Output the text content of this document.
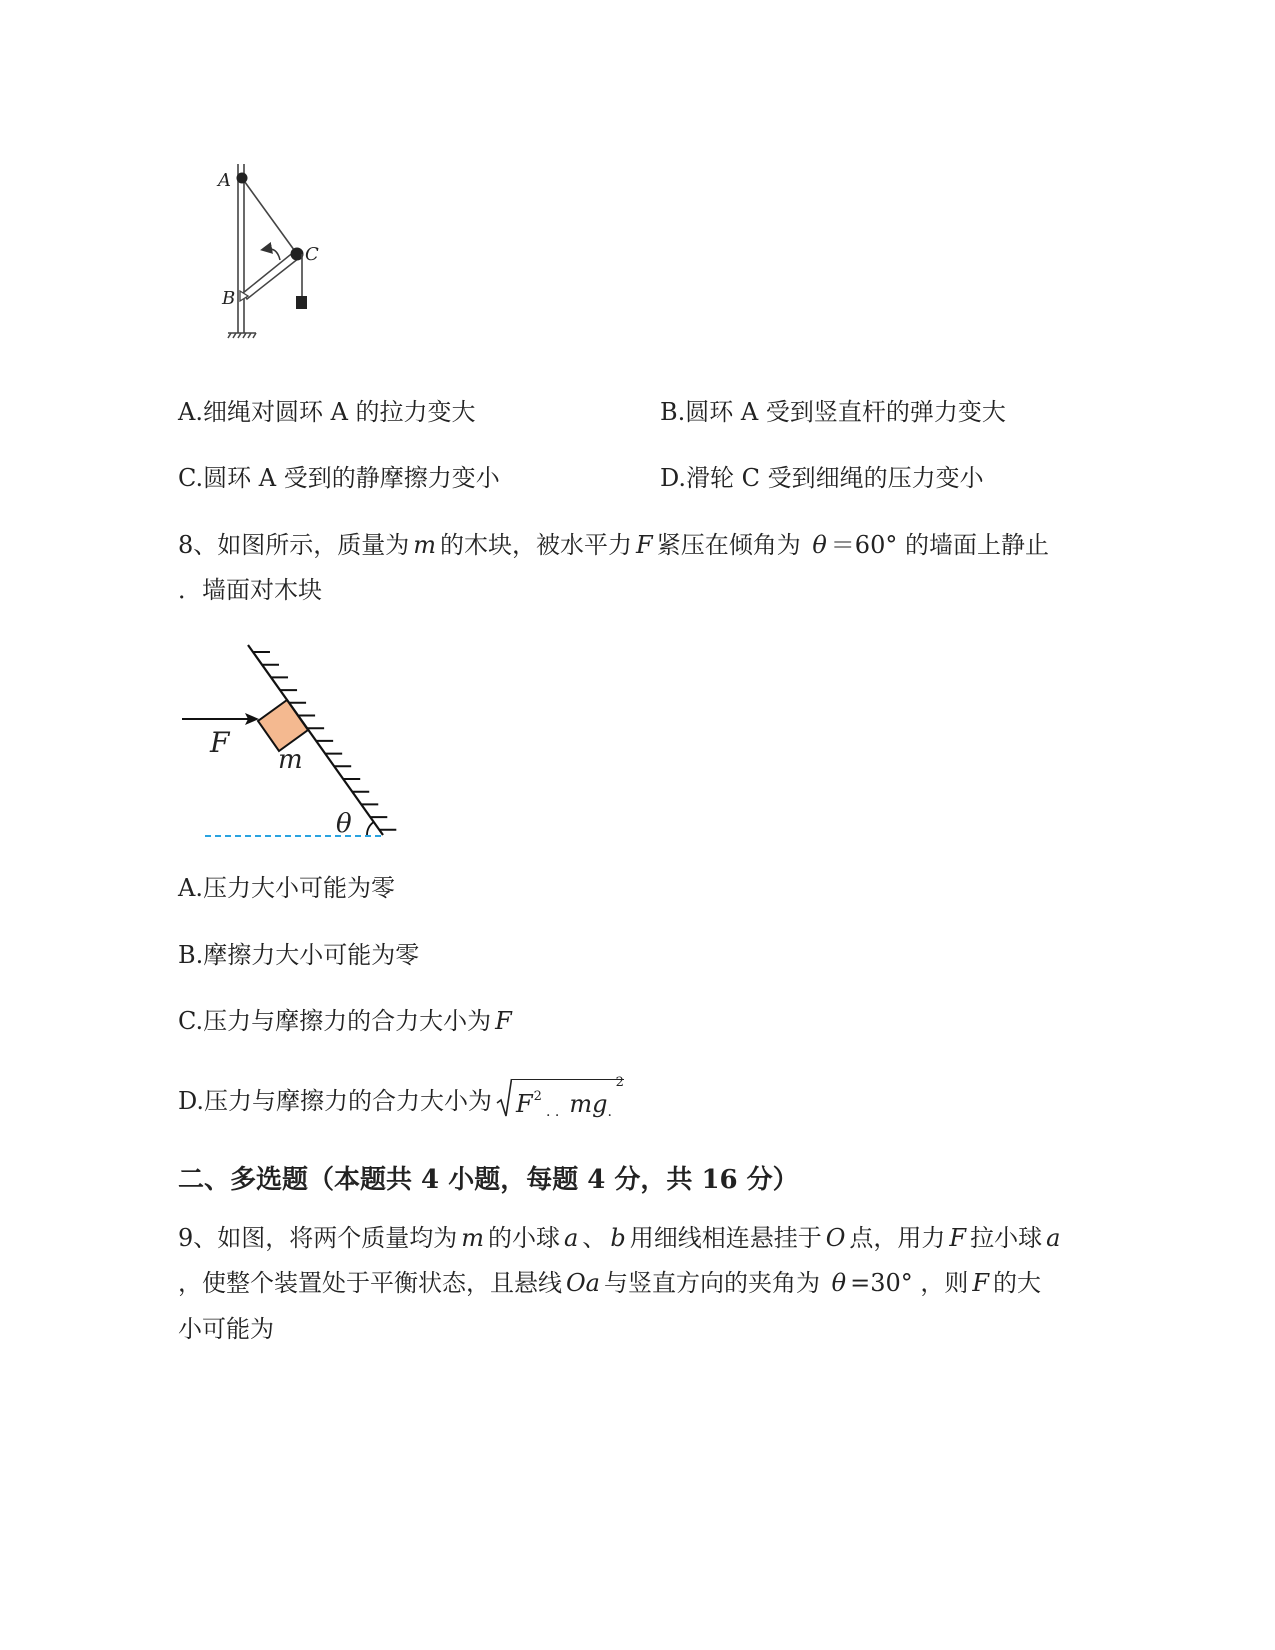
A
B
C
A.细绳对圆环 A 的拉力变大	B.圆环 A 受到竖直杆的弹力变大
C.圆环 A 受到的静摩擦力变小	D.滑轮 C 受到细绳的压力变小
8、如图所示，质量为 m 的木块，被水平力 F 紧压在倾角为 θ ＝60° 的墙面上静止
．墙面对木块
F
m
θ
A.压力大小可能为零
B.摩擦力大小可能为零
C.压力与摩擦力的合力大小为 F
D.压力与摩擦力的合力大小为 $F^2$. . mg.
2
二、多选题（本题共 4 小题，每题 4 分，共 16 分）
9、如图，将两个质量均为 m 的小球 a 、 b 用细线相连悬挂于 O 点，用力 F 拉小球 a
，使整个装置处于平衡状态，且悬线 Oa 与竖直方向的夹角为 θ =30° ，则 F 的大
小可能为
